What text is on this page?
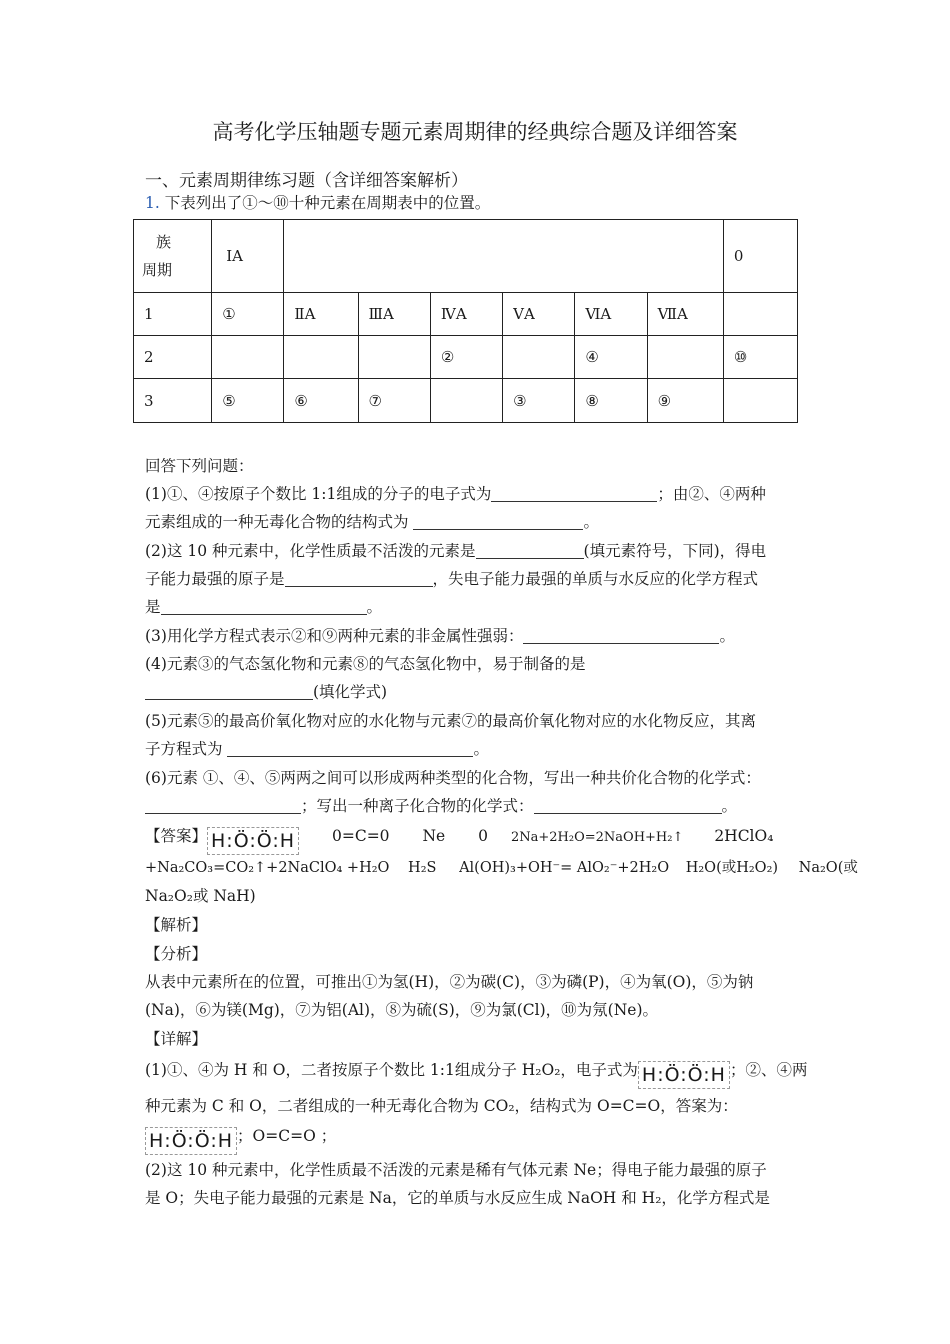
高考化学压轴题专题元素周期律的经典综合题及详细答案
一、元素周期律练习题（含详细答案解析）
1. 下表列出了①～⑩十种元素在周期表中的位置。
族
周期	ⅠA							0
1	①	ⅡA	ⅢA	ⅣA	ⅤA	ⅥA	ⅦA	
2				②		④		⑩
3	⑤	⑥	⑦		③	⑧	⑨	
回答下列问题：
(1)①、④按原子个数比 1:1组成的分子的电子式为	；由②、④两种
元素组成的一种无毒化合物的结构式为	。
(2)这 10 种元素中，化学性质最不活泼的元素是	(填元素符号，下同)，得电
子能力最强的原子是	，失电子能力最强的单质与水反应的化学方程式
是	。
(3)用化学方程式表示②和⑨两种元素的非金属性强弱：	。
(4)元素③的气态氢化物和元素⑧的气态氢化物中，易于制备的是
(填化学式)
(5)元素⑤的最高价氧化物对应的水化物与元素⑦的最高价氧化物对应的水化物反应，其离
子方程式为	。
(6)元素 ①、④、⑤两两之间可以形成两种类型的化合物，写出一种共价化合物的化学式：
；写出一种离子化合物的化学式：	。
【答案】 H:Ö:Ö:H 0=C=0 Ne 0 2Na+2H₂O=2NaOH+H₂↑ 2HClO₄
+Na₂CO₃=CO₂↑+2NaClO₄ +H₂O H₂S Al(OH)₃+OH⁻= AlO₂⁻+2H₂O H₂O(或H₂O₂) Na₂O(或
Na₂O₂或 NaH)
【解析】
【分析】
从表中元素所在的位置，可推出①为氢(H)，②为碳(C)，③为磷(P)，④为氧(O)，⑤为钠
(Na)，⑥为镁(Mg)，⑦为铝(Al)，⑧为硫(S)，⑨为氯(Cl)，⑩为氖(Ne)。
【详解】
(1)①、④为 H 和 O，二者按原子个数比 1:1组成分子 H₂O₂，电子式为 H:Ö:Ö:H ；②、④两
种元素为 C 和 O，二者组成的一种无毒化合物为 CO₂，结构式为 O=C=O，答案为：
H:Ö:Ö:H ；O=C=O ；
(2)这 10 种元素中，化学性质最不活泼的元素是稀有气体元素 Ne；得电子能力最强的原子
是 O；失电子能力最强的元素是 Na，它的单质与水反应生成 NaOH 和 H₂，化学方程式是
